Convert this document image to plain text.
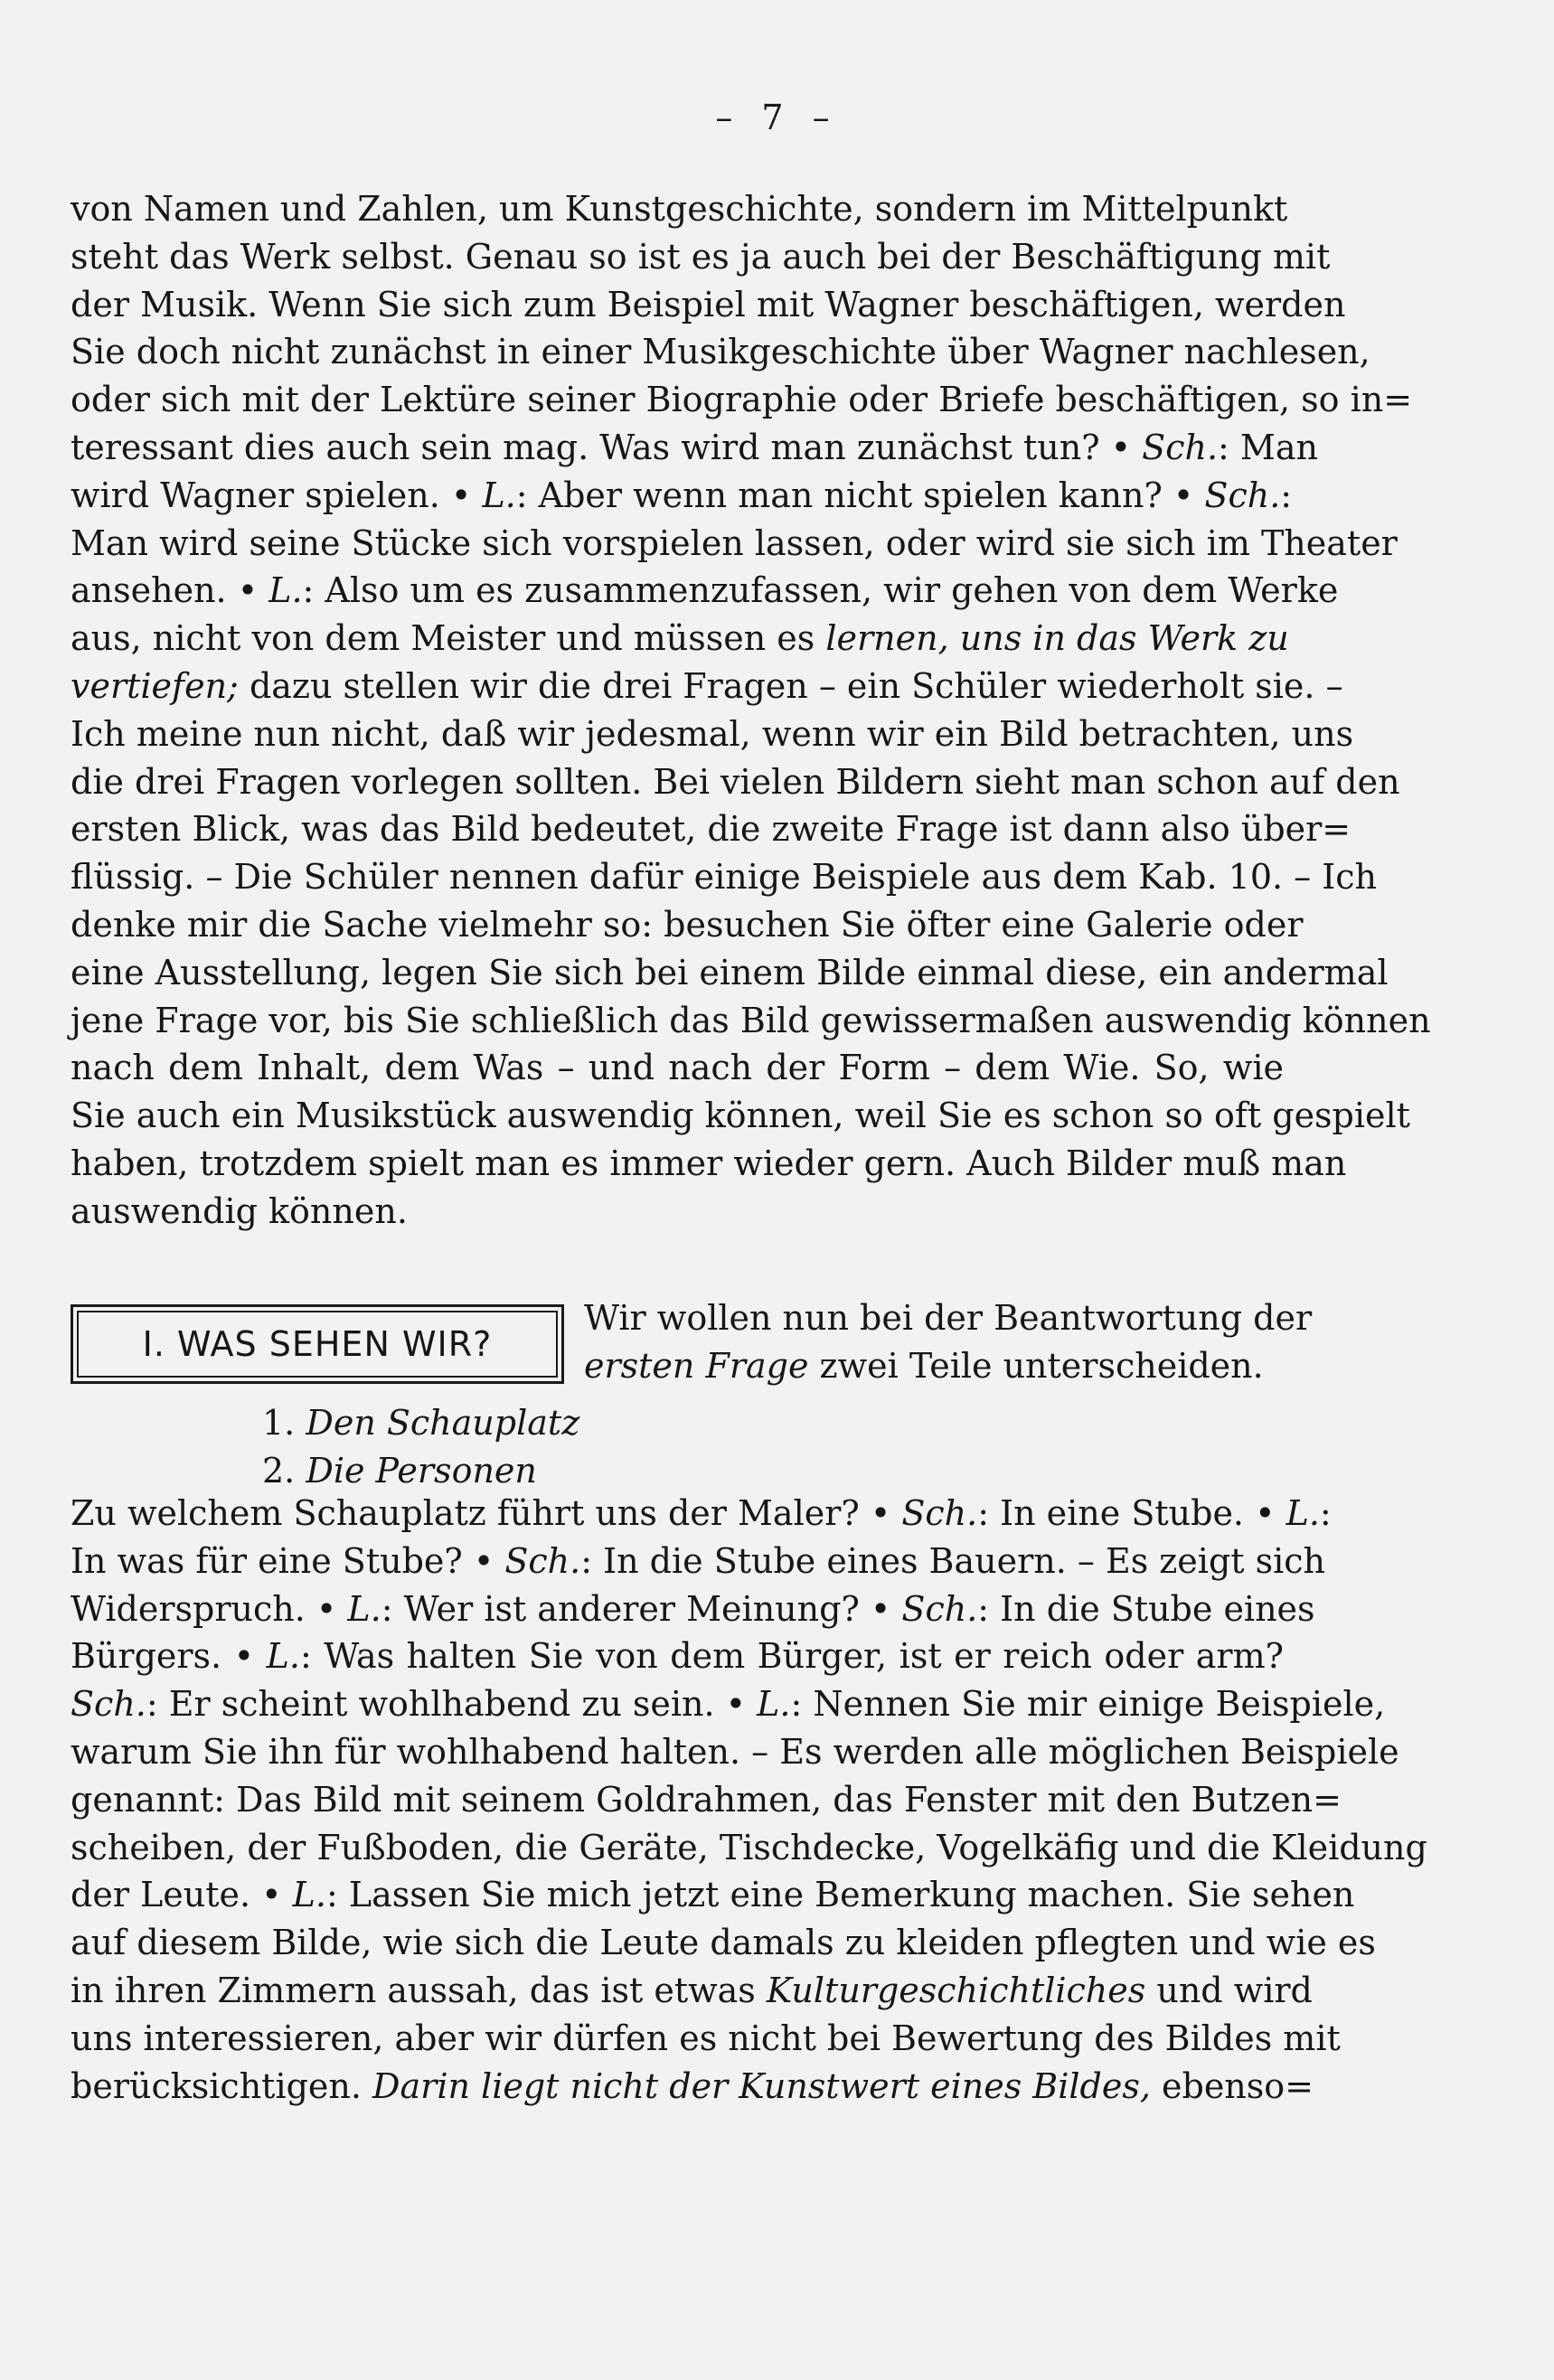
– 7 –
von Namen und Zahlen, um Kunstgeschichte, sondern im Mittelpunkt
steht das Werk selbst. Genau so ist es ja auch bei der Beschäftigung mit
der Musik. Wenn Sie sich zum Beispiel mit Wagner beschäftigen, werden
Sie doch nicht zunächst in einer Musikgeschichte über Wagner nachlesen,
oder sich mit der Lektüre seiner Biographie oder Briefe beschäftigen, so in=
teressant dies auch sein mag. Was wird man zunächst tun? • Sch.: Man
wird Wagner spielen. • L.: Aber wenn man nicht spielen kann? • Sch.:
Man wird seine Stücke sich vorspielen lassen, oder wird sie sich im Theater
ansehen. • L.: Also um es zusammenzufassen, wir gehen von dem Werke
aus, nicht von dem Meister und müssen es lernen, uns in das Werk zu
vertiefen; dazu stellen wir die drei Fragen – ein Schüler wiederholt sie. –
Ich meine nun nicht, daß wir jedesmal, wenn wir ein Bild betrachten, uns
die drei Fragen vorlegen sollten. Bei vielen Bildern sieht man schon auf den
ersten Blick, was das Bild bedeutet, die zweite Frage ist dann also über=
flüssig. – Die Schüler nennen dafür einige Beispiele aus dem Kab. 10. – Ich
denke mir die Sache vielmehr so: besuchen Sie öfter eine Galerie oder
eine Ausstellung, legen Sie sich bei einem Bilde einmal diese, ein andermal
jene Frage vor, bis Sie schließlich das Bild gewissermaßen auswendig können
nach dem Inhalt, dem Was – und nach der Form – dem Wie. So, wie
Sie auch ein Musikstück auswendig können, weil Sie es schon so oft gespielt
haben, trotzdem spielt man es immer wieder gern. Auch Bilder muß man
auswendig können.
I. WAS SEHEN WIR?
Wir wollen nun bei der Beantwortung der
ersten Frage zwei Teile unterscheiden.
1. Den Schauplatz
2. Die Personen
Zu welchem Schauplatz führt uns der Maler? • Sch.: In eine Stube. • L.:
In was für eine Stube? • Sch.: In die Stube eines Bauern. – Es zeigt sich
Widerspruch. • L.: Wer ist anderer Meinung? • Sch.: In die Stube eines
Bürgers. • L.: Was halten Sie von dem Bürger, ist er reich oder arm?
Sch.: Er scheint wohlhabend zu sein. • L.: Nennen Sie mir einige Beispiele,
warum Sie ihn für wohlhabend halten. – Es werden alle möglichen Beispiele
genannt: Das Bild mit seinem Goldrahmen, das Fenster mit den Butzen=
scheiben, der Fußboden, die Geräte, Tischdecke, Vogelkäfig und die Kleidung
der Leute. • L.: Lassen Sie mich jetzt eine Bemerkung machen. Sie sehen
auf diesem Bilde, wie sich die Leute damals zu kleiden pflegten und wie es
in ihren Zimmern aussah, das ist etwas Kulturgeschichtliches und wird
uns interessieren, aber wir dürfen es nicht bei Bewertung des Bildes mit
berücksichtigen. Darin liegt nicht der Kunstwert eines Bildes, ebenso=
